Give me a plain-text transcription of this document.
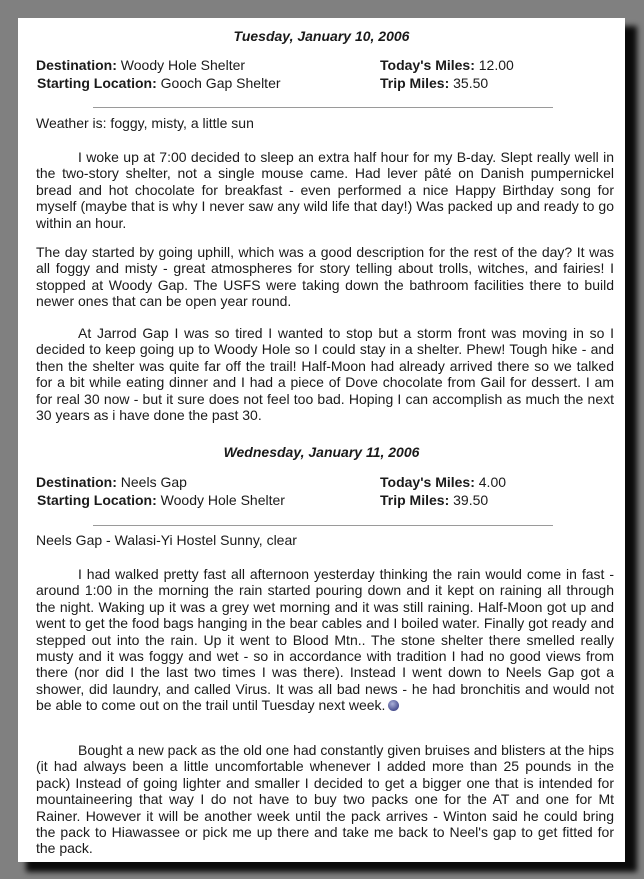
Tuesday, January 10, 2006
Destination: Woody Hole Shelter
Starting Location: Gooch Gap Shelter
Today's Miles: 12.00
Trip Miles: 35.50
Weather is: foggy, misty, a little sun
I woke up at 7:00 decided to sleep an extra half hour for my B-day. Slept really well in the two-story shelter, not a single mouse came. Had lever pâté on Danish pumpernickel bread and hot chocolate for breakfast - even performed a nice Happy Birthday song for myself (maybe that is why I never saw any wild life that day!) Was packed up and ready to go within an hour.
The day started by going uphill, which was a good description for the rest of the day? It was all foggy and misty - great atmospheres for story telling about trolls, witches, and fairies! I stopped at Woody Gap. The USFS were taking down the bathroom facilities there to build newer ones that can be open year round.
At Jarrod Gap I was so tired I wanted to stop but a storm front was moving in so I decided to keep going up to Woody Hole so I could stay in a shelter. Phew! Tough hike - and then the shelter was quite far off the trail! Half-Moon had already arrived there so we talked for a bit while eating dinner and I had a piece of Dove chocolate from Gail for dessert. I am for real 30 now - but it sure does not feel too bad. Hoping I can accomplish as much the next 30 years as i have done the past 30.
Wednesday, January 11, 2006
Destination: Neels Gap
Starting Location: Woody Hole Shelter
Today's Miles: 4.00
Trip Miles: 39.50
Neels Gap - Walasi-Yi Hostel Sunny, clear
I had walked pretty fast all afternoon yesterday thinking the rain would come in fast - around 1:00 in the morning the rain started pouring down and it kept on raining all through the night. Waking up it was a grey wet morning and it was still raining. Half-Moon got up and went to get the food bags hanging in the bear cables and I boiled water. Finally got ready and stepped out into the rain. Up it went to Blood Mtn.. The stone shelter there smelled really musty and it was foggy and wet - so in accordance with tradition I had no good views from there (nor did I the last two times I was there). Instead I went down to Neels Gap got a shower, did laundry, and called Virus. It was all bad news - he had bronchitis and would not be able to come out on the trail until Tuesday next week.
Bought a new pack as the old one had constantly given bruises and blisters at the hips (it had always been a little uncomfortable whenever I added more than 25 pounds in the pack) Instead of going lighter and smaller I decided to get a bigger one that is intended for mountaineering that way I do not have to buy two packs one for the AT and one for Mt Rainer. However it will be another week until the pack arrives - Winton said he could bring the pack to Hiawassee or pick me up there and take me back to Neel's gap to get fitted for the pack.
